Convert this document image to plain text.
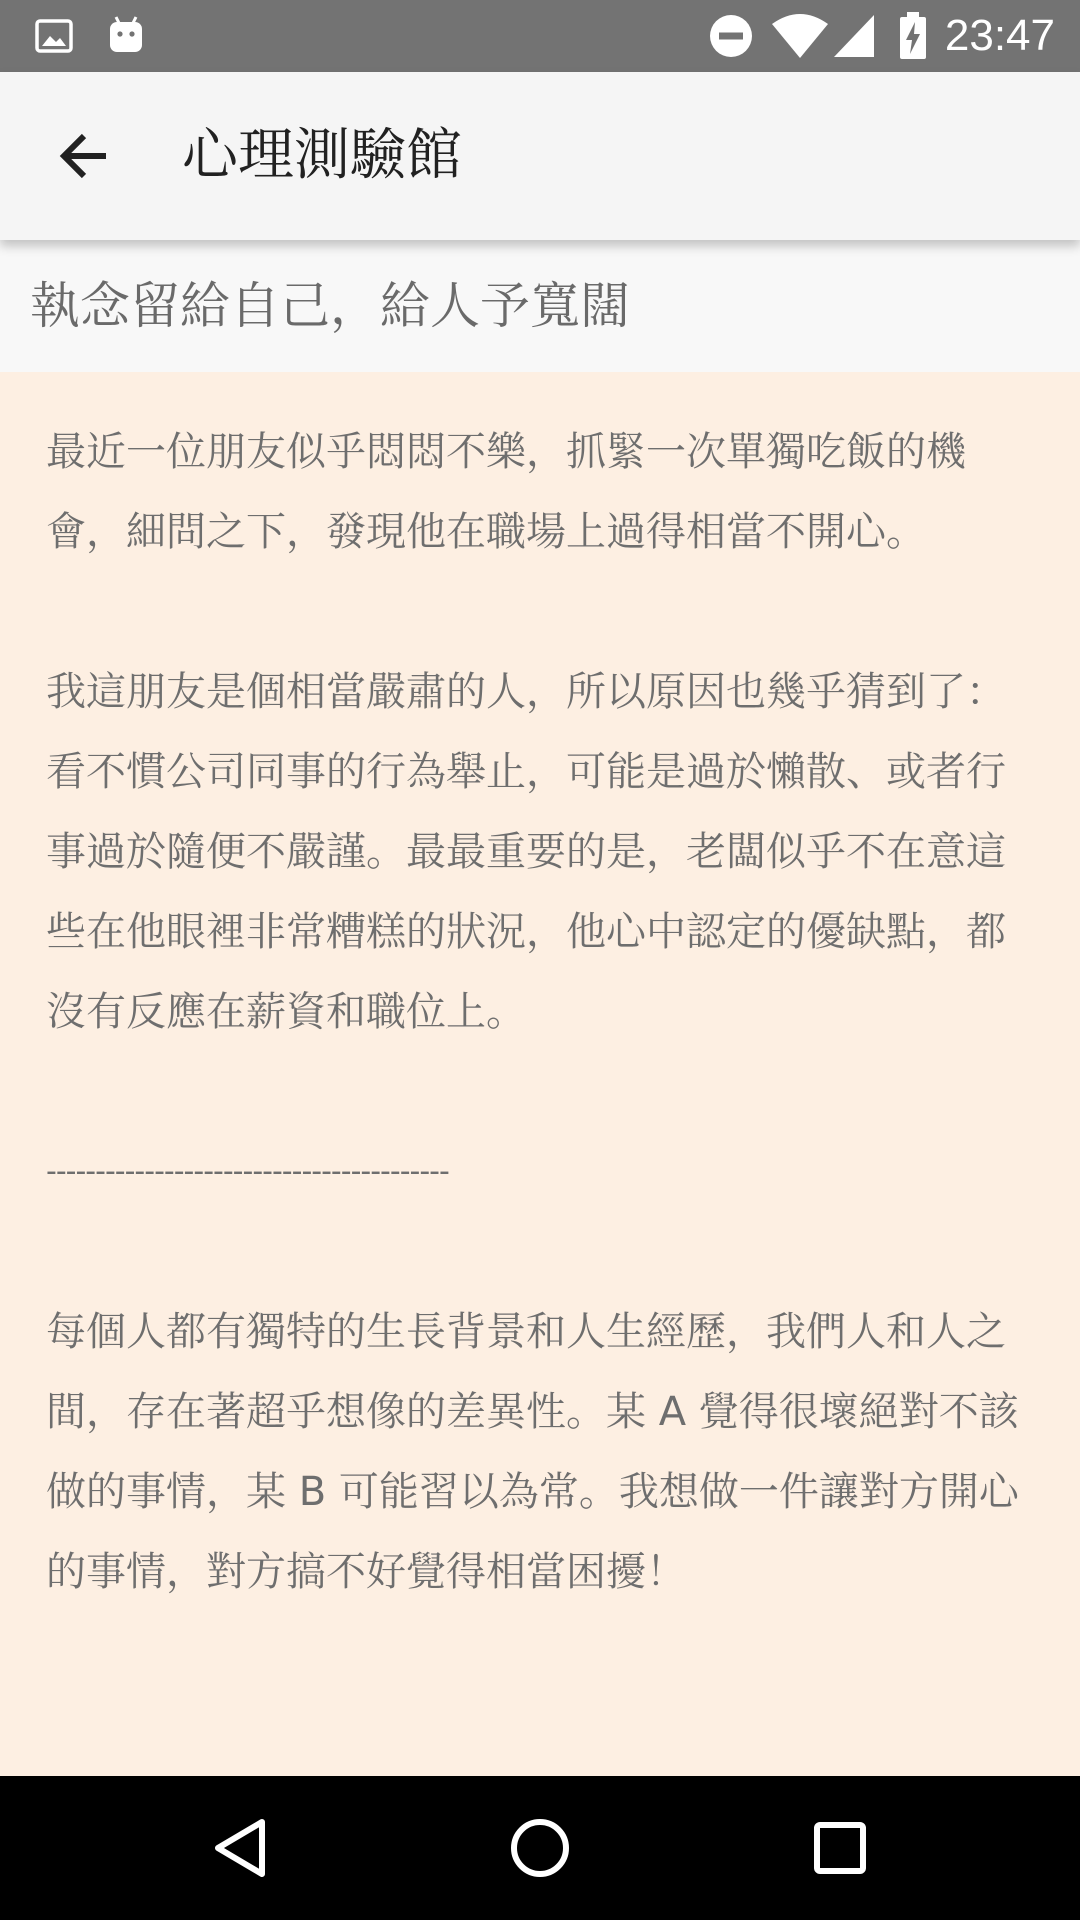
23:47
心理測驗館
執念留給自己，給人予寬闊

最近一位朋友似乎悶悶不樂，抓緊一次單獨吃飯的機會，細問之下，發現他在職場上過得相當不開心。

我這朋友是個相當嚴肅的人，所以原因也幾乎猜到了：看不慣公司同事的行為舉止，可能是過於懶散、或者行事過於隨便不嚴謹。最最重要的是，老闆似乎不在意這些在他眼裡非常糟糕的狀況，他心中認定的優缺點，都沒有反應在薪資和職位上。

-----------------------------------------

每個人都有獨特的生長背景和人生經歷，我們人和人之間，存在著超乎想像的差異性。某 A 覺得很壞絕對不該做的事情，某 B 可能習以為常。我想做一件讓對方開心的事情，對方搞不好覺得相當困擾！
